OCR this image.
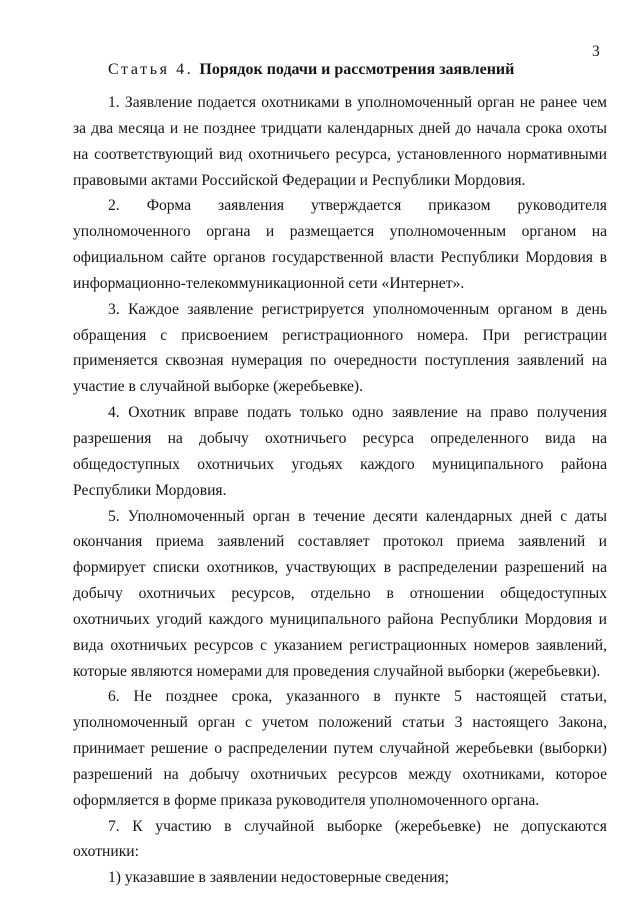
3
Статья 4. Порядок подачи и рассмотрения заявлений

1. Заявление подается охотниками в уполномоченный орган не ранее чем за два месяца и не позднее тридцати календарных дней до начала срока охоты на соответствующий вид охотничьего ресурса, установленного нормативными правовыми актами Российской Федерации и Республики Мордовия.

2. Форма заявления утверждается приказом руководителя уполномоченного органа и размещается уполномоченным органом на официальном сайте органов государственной власти Республики Мордовия в информационно-телекоммуникационной сети «Интернет».

3. Каждое заявление регистрируется уполномоченным органом в день обращения с присвоением регистрационного номера. При регистрации применяется сквозная нумерация по очередности поступления заявлений на участие в случайной выборке (жеребьевке).

4. Охотник вправе подать только одно заявление на право получения разрешения на добычу охотничьего ресурса определенного вида на общедоступных охотничьих угодьях каждого муниципального района Республики Мордовия.

5. Уполномоченный орган в течение десяти календарных дней с даты окончания приема заявлений составляет протокол приема заявлений и формирует списки охотников, участвующих в распределении разрешений на добычу охотничьих ресурсов, отдельно в отношении общедоступных охотничьих угодий каждого муниципального района Республики Мордовия и вида охотничьих ресурсов с указанием регистрационных номеров заявлений, которые являются номерами для проведения случайной выборки (жеребьевки).

6. Не позднее срока, указанного в пункте 5 настоящей статьи, уполномоченный орган с учетом положений статьи 3 настоящего Закона, принимает решение о распределении путем случайной жеребьевки (выборки) разрешений на добычу охотничьих ресурсов между охотниками, которое оформляется в форме приказа руководителя уполномоченного органа.

7. К участию в случайной выборке (жеребьевке) не допускаются охотники:

1) указавшие в заявлении недостоверные сведения;
